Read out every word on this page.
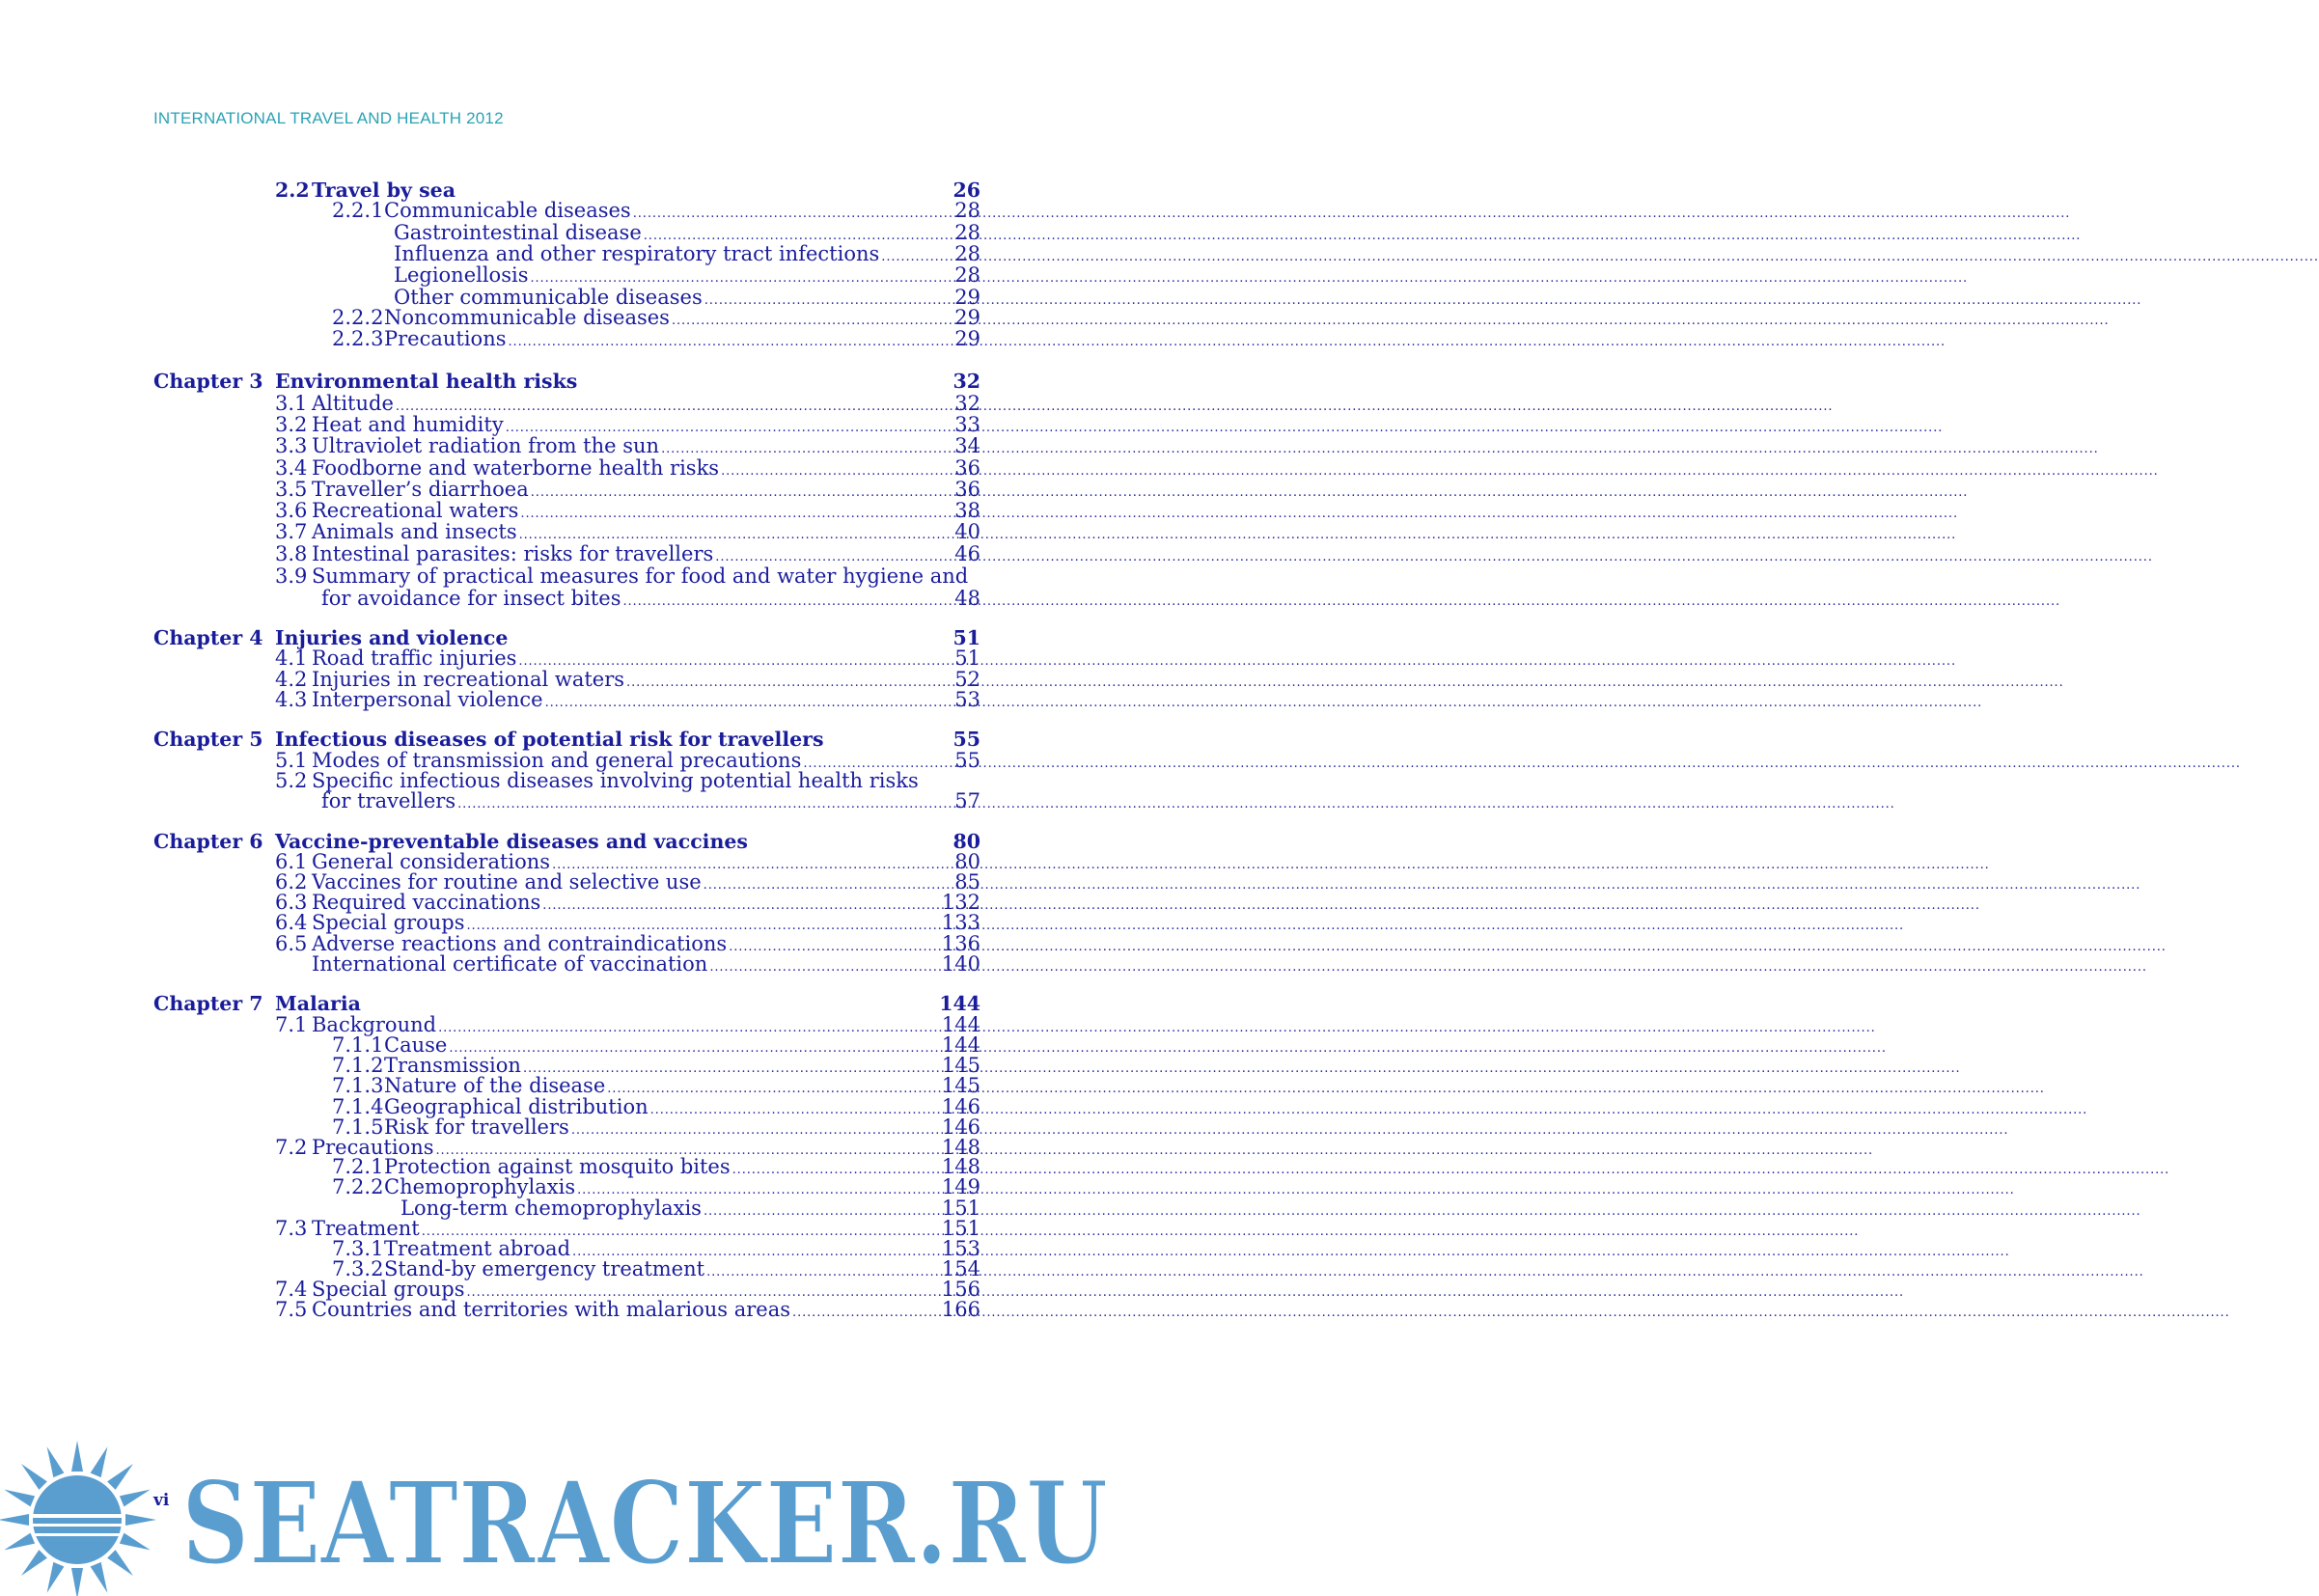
INTERNATIONAL TRAVEL AND HEALTH 2012
2.2 Travel by sea	26
2.2.1 Communicable diseases .....	28
Gastrointestinal disease .....	28
Influenza and other respiratory tract infections .....	28
Legionellosis .....	28
Other communicable diseases .....	29
2.2.2 Noncommunicable diseases .....	29
2.2.3 Precautions .....	29
Chapter 3 Environmental health risks	32
3.1 Altitude .....	32
3.2 Heat and humidity .....	33
3.3 Ultraviolet radiation from the sun .....	34
3.4 Foodborne and waterborne health risks .....	36
3.5 Traveller’s diarrhoea .....	36
3.6 Recreational waters .....	38
3.7 Animals and insects .....	40
3.8 Intestinal parasites: risks for travellers .....	46
3.9 Summary of practical measures for food and water hygiene and
for avoidance for insect bites .....	48
Chapter 4 Injuries and violence	51
4.1 Road traffic injuries .....	51
4.2 Injuries in recreational waters .....	52
4.3 Interpersonal violence .....	53
Chapter 5 Infectious diseases of potential risk for travellers	55
5.1 Modes of transmission and general precautions .....	55
5.2 Specific infectious diseases involving potential health risks
for travellers .....	57
Chapter 6 Vaccine-preventable diseases and vaccines	80
6.1 General considerations .....	80
6.2 Vaccines for routine and selective use .....	85
6.3 Required vaccinations .....	132
6.4 Special groups .....	133
6.5 Adverse reactions and contraindications .....	136
International certificate of vaccination .....	140
Chapter 7 Malaria	144
7.1 Background .....	144
7.1.1 Cause .....	144
7.1.2 Transmission .....	145
7.1.3 Nature of the disease .....	145
7.1.4 Geographical distribution .....	146
7.1.5 Risk for travellers .....	146
7.2 Precautions .....	148
7.2.1 Protection against mosquito bites .....	148
7.2.2 Chemoprophylaxis .....	149
Long-term chemoprophylaxis .....	151
7.3 Treatment .....	151
7.3.1 Treatment abroad .....	153
7.3.2 Stand-by emergency treatment .....	154
7.4 Special groups .....	156
7.5 Countries and territories with malarious areas .....	166
vi SEATRACKER.RU
